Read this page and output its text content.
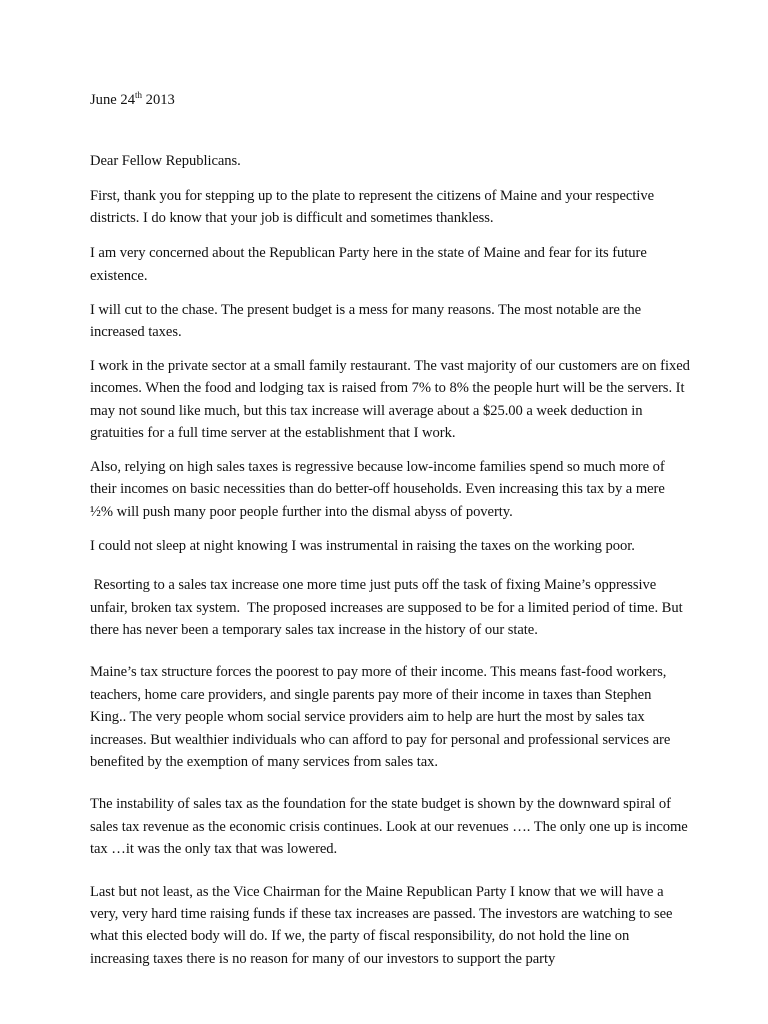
June 24th 2013

Dear Fellow Republicans.

First, thank you for stepping up to the plate to represent the citizens of Maine and your respective districts. I do know that your job is difficult and sometimes thankless.

I am very concerned about the Republican Party here in the state of Maine and fear for its future existence.

I will cut to the chase. The present budget is a mess for many reasons. The most notable are the increased taxes.

I work in the private sector at a small family restaurant. The vast majority of our customers are on fixed incomes. When the food and lodging tax is raised from 7% to 8% the people hurt will be the servers. It may not sound like much, but this tax increase will average about a $25.00 a week deduction in gratuities for a full time server at the establishment that I work.

Also, relying on high sales taxes is regressive because low-income families spend so much more of their incomes on basic necessities than do better-off households. Even increasing this tax by a mere ½% will push many poor people further into the dismal abyss of poverty.

I could not sleep at night knowing I was instrumental in raising the taxes on the working poor.

Resorting to a sales tax increase one more time just puts off the task of fixing Maine’s oppressive unfair, broken tax system.  The proposed increases are supposed to be for a limited period of time. But there has never been a temporary sales tax increase in the history of our state.

Maine’s tax structure forces the poorest to pay more of their income. This means fast-food workers, teachers, home care providers, and single parents pay more of their income in taxes than Stephen King.. The very people whom social service providers aim to help are hurt the most by sales tax increases. But wealthier individuals who can afford to pay for personal and professional services are benefited by the exemption of many services from sales tax.

The instability of sales tax as the foundation for the state budget is shown by the downward spiral of sales tax revenue as the economic crisis continues. Look at our revenues …. The only one up is income tax …it was the only tax that was lowered.

Last but not least, as the Vice Chairman for the Maine Republican Party I know that we will have a very, very hard time raising funds if these tax increases are passed. The investors are watching to see what this elected body will do. If we, the party of fiscal responsibility, do not hold the line on increasing taxes there is no reason for many of our investors to support the party
